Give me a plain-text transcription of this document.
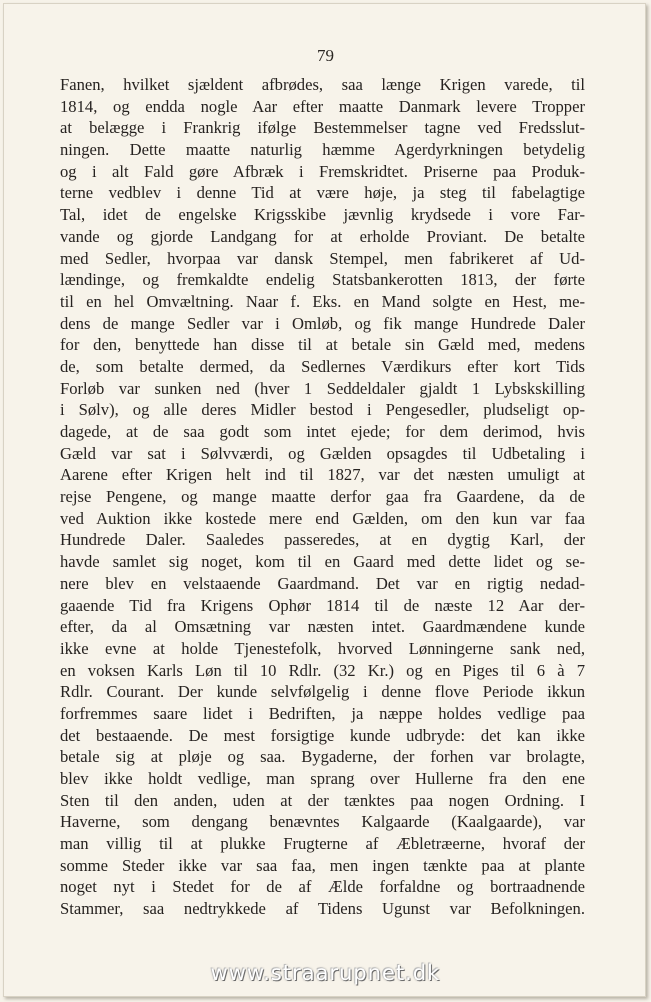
79
Fanen, hvilket sjældent afbrødes, saa længe Krigen varede, til
1814, og endda nogle Aar efter maatte Danmark levere Tropper
at belægge i Frankrig ifølge Bestemmelser tagne ved Fredsslut-
ningen. Dette maatte naturlig hæmme Agerdyrkningen betydelig
og i alt Fald gøre Afbræk i Fremskridtet. Priserne paa Produk-
terne vedblev i denne Tid at være høje, ja steg til fabelagtige
Tal, idet de engelske Krigsskibe jævnlig krydsede i vore Far-
vande og gjorde Landgang for at erholde Proviant. De betalte
med Sedler, hvorpaa var dansk Stempel, men fabrikeret af Ud-
lændinge, og fremkaldte endelig Statsbankerotten 1813, der førte
til en hel Omvæltning. Naar f. Eks. en Mand solgte en Hest, me-
dens de mange Sedler var i Omløb, og fik mange Hundrede Daler
for den, benyttede han disse til at betale sin Gæld med, medens
de, som betalte dermed, da Sedlernes Værdikurs efter kort Tids
Forløb var sunken ned (hver 1 Seddeldaler gjaldt 1 Lybskskilling
i Sølv), og alle deres Midler bestod i Pengesedler, pludseligt op-
dagede, at de saa godt som intet ejede; for dem derimod, hvis
Gæld var sat i Sølvværdi, og Gælden opsagdes til Udbetaling i
Aarene efter Krigen helt ind til 1827, var det næsten umuligt at
rejse Pengene, og mange maatte derfor gaa fra Gaardene, da de
ved Auktion ikke kostede mere end Gælden, om den kun var faa
Hundrede Daler. Saaledes passeredes, at en dygtig Karl, der
havde samlet sig noget, kom til en Gaard med dette lidet og se-
nere blev en velstaaende Gaardmand. Det var en rigtig nedad-
gaaende Tid fra Krigens Ophør 1814 til de næste 12 Aar der-
efter, da al Omsætning var næsten intet. Gaardmændene kunde
ikke evne at holde Tjenestefolk, hvorved Lønningerne sank ned,
en voksen Karls Løn til 10 Rdlr. (32 Kr.) og en Piges til 6 à 7
Rdlr. Courant. Der kunde selvfølgelig i denne flove Periode ikkun
forfremmes saare lidet i Bedriften, ja næppe holdes vedlige paa
det bestaaende. De mest forsigtige kunde udbryde: det kan ikke
betale sig at pløje og saa. Bygaderne, der forhen var brolagte,
blev ikke holdt vedlige, man sprang over Hullerne fra den ene
Sten til den anden, uden at der tænktes paa nogen Ordning. I
Haverne, som dengang benævntes Kalgaarde (Kaalgaarde), var
man villig til at plukke Frugterne af Æbletræerne, hvoraf der
somme Steder ikke var saa faa, men ingen tænkte paa at plante
noget nyt i Stedet for de af Ælde forfaldne og bortraadnende
Stammer, saa nedtrykkede af Tidens Ugunst var Befolkningen.
www.straarupnet.dk
